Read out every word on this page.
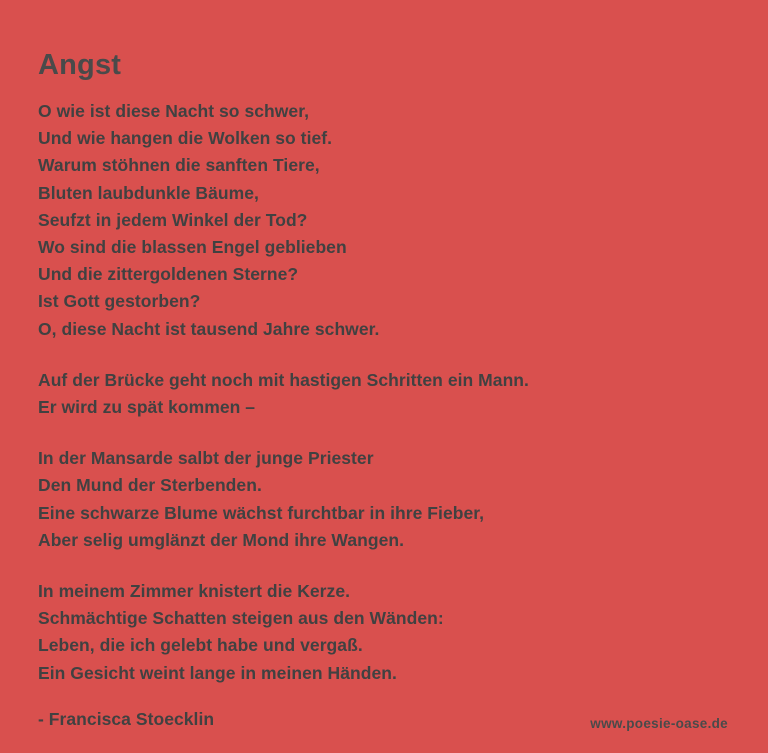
Angst
O wie ist diese Nacht so schwer,
Und wie hangen die Wolken so tief.
Warum stöhnen die sanften Tiere,
Bluten laubdunkle Bäume,
Seufzt in jedem Winkel der Tod?
Wo sind die blassen Engel geblieben
Und die zittergoldenen Sterne?
Ist Gott gestorben?
O, diese Nacht ist tausend Jahre schwer.
Auf der Brücke geht noch mit hastigen Schritten ein Mann.
Er wird zu spät kommen –
In der Mansarde salbt der junge Priester
Den Mund der Sterbenden.
Eine schwarze Blume wächst furchtbar in ihre Fieber,
Aber selig umglänzt der Mond ihre Wangen.
In meinem Zimmer knistert die Kerze.
Schmächtige Schatten steigen aus den Wänden:
Leben, die ich gelebt habe und vergaß.
Ein Gesicht weint lange in meinen Händen.
- Francisca Stoecklin	www.poesie-oase.de
